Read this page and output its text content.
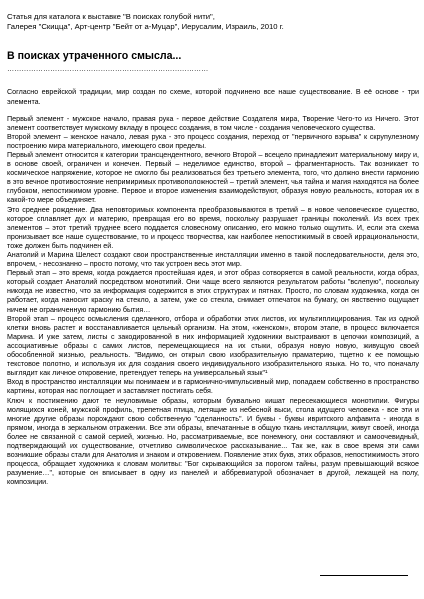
Статья для каталога к выставке "В поисках голубой нити",
Галерея "Скицца", Арт-центр "Бейт от а-Муцар", Иерусалим, Израиль, 2010 г.
В поисках утраченного смысла...
…………………………………………………………………………

Согласно еврейской традиции, мир создан по схеме, которой подчинено все наше существование. В её основе - три элемента.

Первый элемент - мужское начало, правая рука - первое действие Создателя мира, Творение Чего-то из Ничего. Этот элемент соответствует мужскому вкладу в процесс создания, в том числе - создания человеческого существа.

Второй элемент – женское начало, левая рука - это процесс создания, переход от "первичного взрыва" к скрупулезному построению мира материального, имеющего свои пределы.

Первый элемент относится к категории трансцендентного, вечного Второй – всецело принадлежит материальному миру и, в основе своей, ограничен и конечен. Первый – неделимое единство, второй – фрагментарность. Так возникает то космическое напряжение, которое не смогло бы реализоваться без третьего элемента, того, что должно внести гармонию в это вечное противостояние непримиримых противоположностей – третий элемент, чья тайна и магия находятся на более глубоком, непостижимом уровне. Первое и второе изменения взаимодействуют, образуя новую реальность, которая их в какой-то мере объединяет.

Это среднее рождение. Два неповторимых компонента преобразовываются в третий – в новое человеческое существо, которое сплавляет дух и материю, превращая его во время, поскольку разрушает границы поколений. Из всех трех элементов – этот третий труднее всего поддается словесному описанию, его можно только ощутить. И, если эта схема пронизывает все наше существование, то и процесс творчества, как наиболее непостижимый в своей иррациональности, тоже должен быть подчинен ей.

Анатолий и Марина Шелест создают свои пространственные инсталляции именно в такой последовательности, деля это, впрочем, - несознанно – просто потому, что так устроен весь этот мир.

Первый этап – это время, когда рождается простейшая идея, и этот образ сотворяется в самой реальности, когда образ, который создает Анатолий посредством монотипий. Они чаще всего являются результатом работы "вслепую", поскольку никогда не известно, что за информация содержится в этих структурах и пятнах. Просто, по словам художника, когда он работает, когда наносит краску на стекло, а затем, уже со стекла, снимает отпечаток на бумагу, он явственно ощущает ничем не ограниченную гармонию бытия…

Второй этап – процесс осмысления сделанного, отбора и обработки этих листов, их мультиплицирования. Так из одной клетки вновь растет и восстанавливается цельный организм. На этом, «женском», втором этапе, в процесс включается Марина. И уже затем, листы с закодированной в них информацией художники выстраивают в цепочки композиций, а ассоциативные образы с самих листов, перемещающиеся на их стыки, образуя новую новую, живущую своей обособленной жизнью, реальность. "Видимо, он открыл свою изобразительную праматерию, тщетно к ее помощью текстовое полотно, и используя их для создания своего индивидуального изобразительного языка. Но то, что поначалу выглядит как личное откровение, претендует теперь на универсальный язык"¹

Вход в пространство инсталляции мы понимаем и в гармонично-импульсивный мир, попадаем собственно в пространство картины, которая нас поглощает и заставляет постигать себя.

Ключ к постижению дают те неуловимые образы, которым буквально кишат пересекающиеся монотипии. Фигуры молящихся коней, мужской профиль, трепетная птица, летящие из небесной выси, стола идущего человека - все эти и многие другие образы порождают свою собственную "сделанность". И буквы - буквы ивритского алфавита - иногда в прямом, иногда в зеркальном отражении. Все эти образы, впечатанные в общую ткань инсталляции, живут своей, иногда более не связанной с самой серией, жизнью. Но, рассматриваемые, все понемногу, они составляют и самоочевидный, подтверждающий их существование, отчетливо символическое рассказывание... Так же, как в свое время эти сами возникшие образы стали для Анатолия и знаком и откровением. Появление этих букв, этих образов, непостижимость этого процесса, обращает художника к словам молитвы: "Бог скрывающийся за порогом тайны, разум превышающий всякое разумение…", которые он вписывает в одну из панелей и аббревиатурой обозначает в другой, лежащей на полу, композиции.
